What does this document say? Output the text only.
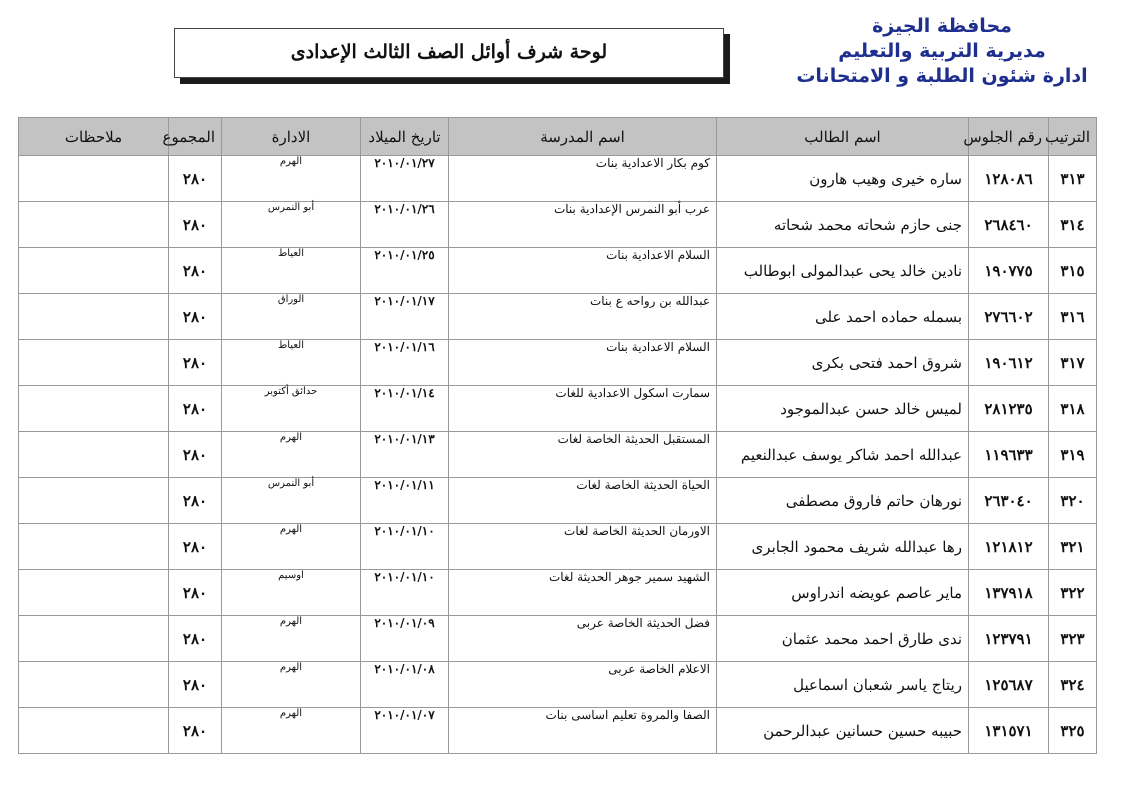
محافظة الجيزة
مديرية التربية والتعليم
ادارة شئون الطلبة و الامتحانات
لوحة شرف أوائل الصف الثالث الإعدادى
الترتيب	رقم الجلوس	اسم الطالب	اسم المدرسة	تاريخ الميلاد	الادارة	المجموع	ملاحظات
٣١٣	١٢٨٠٨٦	ساره خيرى وهيب هارون	كوم بكار الاعدادية بنات	٢٠١٠/٠١/٢٧	الهرم	٢٨٠	
٣١٤	٢٦٨٤٦٠	جنى حازم شحاته محمد شحاته	عرب أبو النمرس الإعدادية بنات	٢٠١٠/٠١/٢٦	أبو النمرس	٢٨٠	
٣١٥	١٩٠٧٧٥	نادين خالد يحى عبدالمولى ابوطالب	السلام الاعدادية بنات	٢٠١٠/٠١/٢٥	العياط	٢٨٠	
٣١٦	٢٧٦٦٠٢	بسمله حماده احمد على	عبدالله بن رواحه ع بنات	٢٠١٠/٠١/١٧	الوراق	٢٨٠	
٣١٧	١٩٠٦١٢	شروق احمد فتحى بكرى	السلام الاعدادية بنات	٢٠١٠/٠١/١٦	العياط	٢٨٠	
٣١٨	٢٨١٢٣٥	لميس خالد حسن عبدالموجود	سمارت اسكول الاعدادية للغات	٢٠١٠/٠١/١٤	حدائق أكتوبر	٢٨٠	
٣١٩	١١٩٦٣٣	عبدالله احمد شاكر يوسف عبدالنعيم	المستقبل الحديثة الخاصة لغات	٢٠١٠/٠١/١٣	الهرم	٢٨٠	
٣٢٠	٢٦٣٠٤٠	نورهان حاتم فاروق مصطفى	الحياة الحديثة الخاصة لغات	٢٠١٠/٠١/١١	أبو النمرس	٢٨٠	
٣٢١	١٢١٨١٢	رها عبدالله شريف محمود الجابرى	الاورمان الحديثة الخاصة لغات	٢٠١٠/٠١/١٠	الهرم	٢٨٠	
٣٢٢	١٣٧٩١٨	ماير عاصم عويضه اندراوس	الشهيد سمير جوهر الحديثة لغات	٢٠١٠/٠١/١٠	اوسيم	٢٨٠	
٣٢٣	١٢٣٧٩١	ندى طارق احمد محمد عثمان	فضل الحديثة الخاصة عربى	٢٠١٠/٠١/٠٩	الهرم	٢٨٠	
٣٢٤	١٢٥٦٨٧	ريتاج ياسر شعبان اسماعيل	الاعلام الخاصة عربى	٢٠١٠/٠١/٠٨	الهرم	٢٨٠	
٣٢٥	١٣١٥٧١	حبيبه حسين حسانين عبدالرحمن	الصفا والمروة تعليم اساسى بنات	٢٠١٠/٠١/٠٧	الهرم	٢٨٠	
